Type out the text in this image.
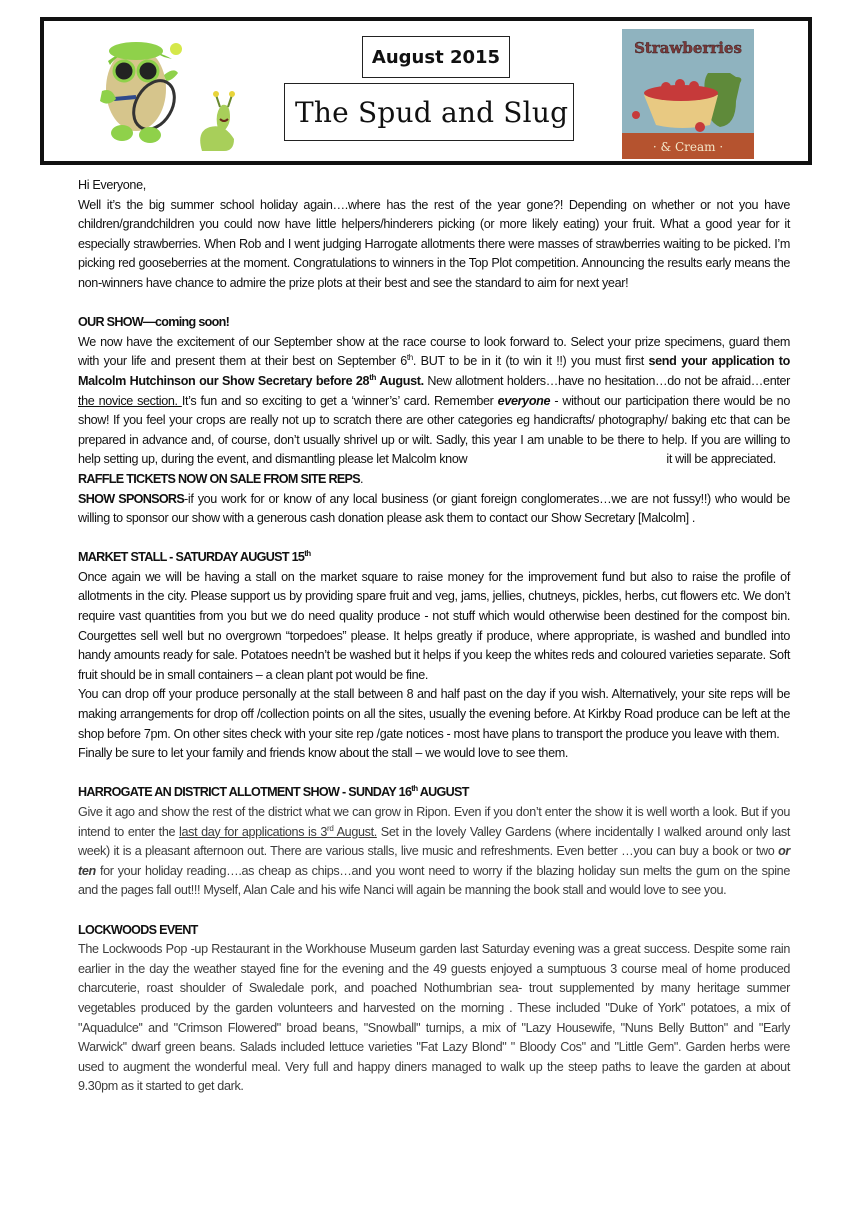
August 2015
The Spud and Slug
Strawberries
· & Cream ·

Hi Everyone,

Well it’s the big summer school holiday again….where has the rest of the year gone?! Depending on whether or not you have children/grandchildren you could now have little helpers/hinderers picking (or more likely eating) your fruit. What a good year for it especially strawberries. When Rob and I went judging Harrogate allotments there were masses of strawberries waiting to be picked. I’m picking red gooseberries at the moment. Congratulations to winners in the Top Plot competition. Announcing the results early means the non-winners have chance to admire the prize plots at their best and see the standard to aim for next year!

OUR SHOW—coming soon!

We now have the excitement of our September show at the race course to look forward to. Select your prize specimens, guard them with your life and present them at their best on September 6th. BUT to be in it (to win it !!) you must first send your application to Malcolm Hutchinson our Show Secretary before 28th August. New allotment holders…have no hesitation…do not be afraid…enter the novice section. It’s fun and so exciting to get a ‘winner’s’ card. Remember everyone - without our participation there would be no show! If you feel your crops are really not up to scratch there are other categories eg handicrafts/ photography/ baking etc that can be prepared in advance and, of course, don’t usually shrivel up or wilt. Sadly, this year I am unable to be there to help. If you are willing to help setting up, during the event, and dismantling please let Malcolm know	it will be appreciated.

RAFFLE TICKETS NOW ON SALE FROM SITE REPS.

SHOW SPONSORS-if you work for or know of any local business (or giant foreign conglomerates…we are not fussy!!) who would be willing to sponsor our show with a generous cash donation please ask them to contact our Show Secretary [Malcolm] .

MARKET STALL - SATURDAY AUGUST 15th

Once again we will be having a stall on the market square to raise money for the improvement fund but also to raise the profile of allotments in the city. Please support us by providing spare fruit and veg, jams, jellies, chutneys, pickles, herbs, cut flowers etc. We don’t require vast quantities from you but we do need quality produce - not stuff which would otherwise been destined for the compost bin. Courgettes sell well but no overgrown “torpedoes” please. It helps greatly if produce, where appropriate, is washed and bundled into handy amounts ready for sale. Potatoes needn’t be washed but it helps if you keep the whites reds and coloured varieties separate. Soft fruit should be in small containers – a clean plant pot would be fine.

You can drop off your produce personally at the stall between 8 and half past on the day if you wish. Alternatively, your site reps will be making arrangements for drop off /collection points on all the sites, usually the evening before. At Kirkby Road produce can be left at the shop before 7pm. On other sites check with your site rep /gate notices - most have plans to transport the produce you leave with them.

Finally be sure to let your family and friends know about the stall – we would love to see them.

HARROGATE AN DISTRICT ALLOTMENT SHOW - SUNDAY 16th AUGUST

Give it ago and show the rest of the district what we can grow in Ripon. Even if you don’t enter the show it is well worth a look. But if you intend to enter the last day for applications is 3rd August. Set in the lovely Valley Gardens (where incidentally I walked around only last week) it is a pleasant afternoon out. There are various stalls, live music and refreshments. Even better …you can buy a book or two or ten for your holiday reading….as cheap as chips…and you wont need to worry if the blazing holiday sun melts the gum on the spine and the pages fall out!!! Myself, Alan Cale and his wife Nanci will again be manning the book stall and would love to see you.

LOCKWOODS EVENT

The Lockwoods Pop -up Restaurant in the Workhouse Museum garden last Saturday evening was a great success. Despite some rain earlier in the day the weather stayed fine for the evening and the 49 guests enjoyed a sumptuous 3 course meal of home produced charcuterie, roast shoulder of Swaledale pork, and poached Nothumbrian sea- trout supplemented by many heritage summer vegetables produced by the garden volunteers and harvested on the morning . These included "Duke of York" potatoes, a mix of "Aquadulce'' and "Crimson Flowered" broad beans, "Snowball" turnips, a mix of "Lazy Housewife, "Nuns Belly Button" and "Early Warwick'' dwarf green beans. Salads included lettuce varieties "Fat Lazy Blond" " Bloody Cos" and "Little Gem". Garden herbs were used to augment the wonderful meal. Very full and happy diners managed to walk up the steep paths to leave the garden at about 9.30pm as it started to get dark.
